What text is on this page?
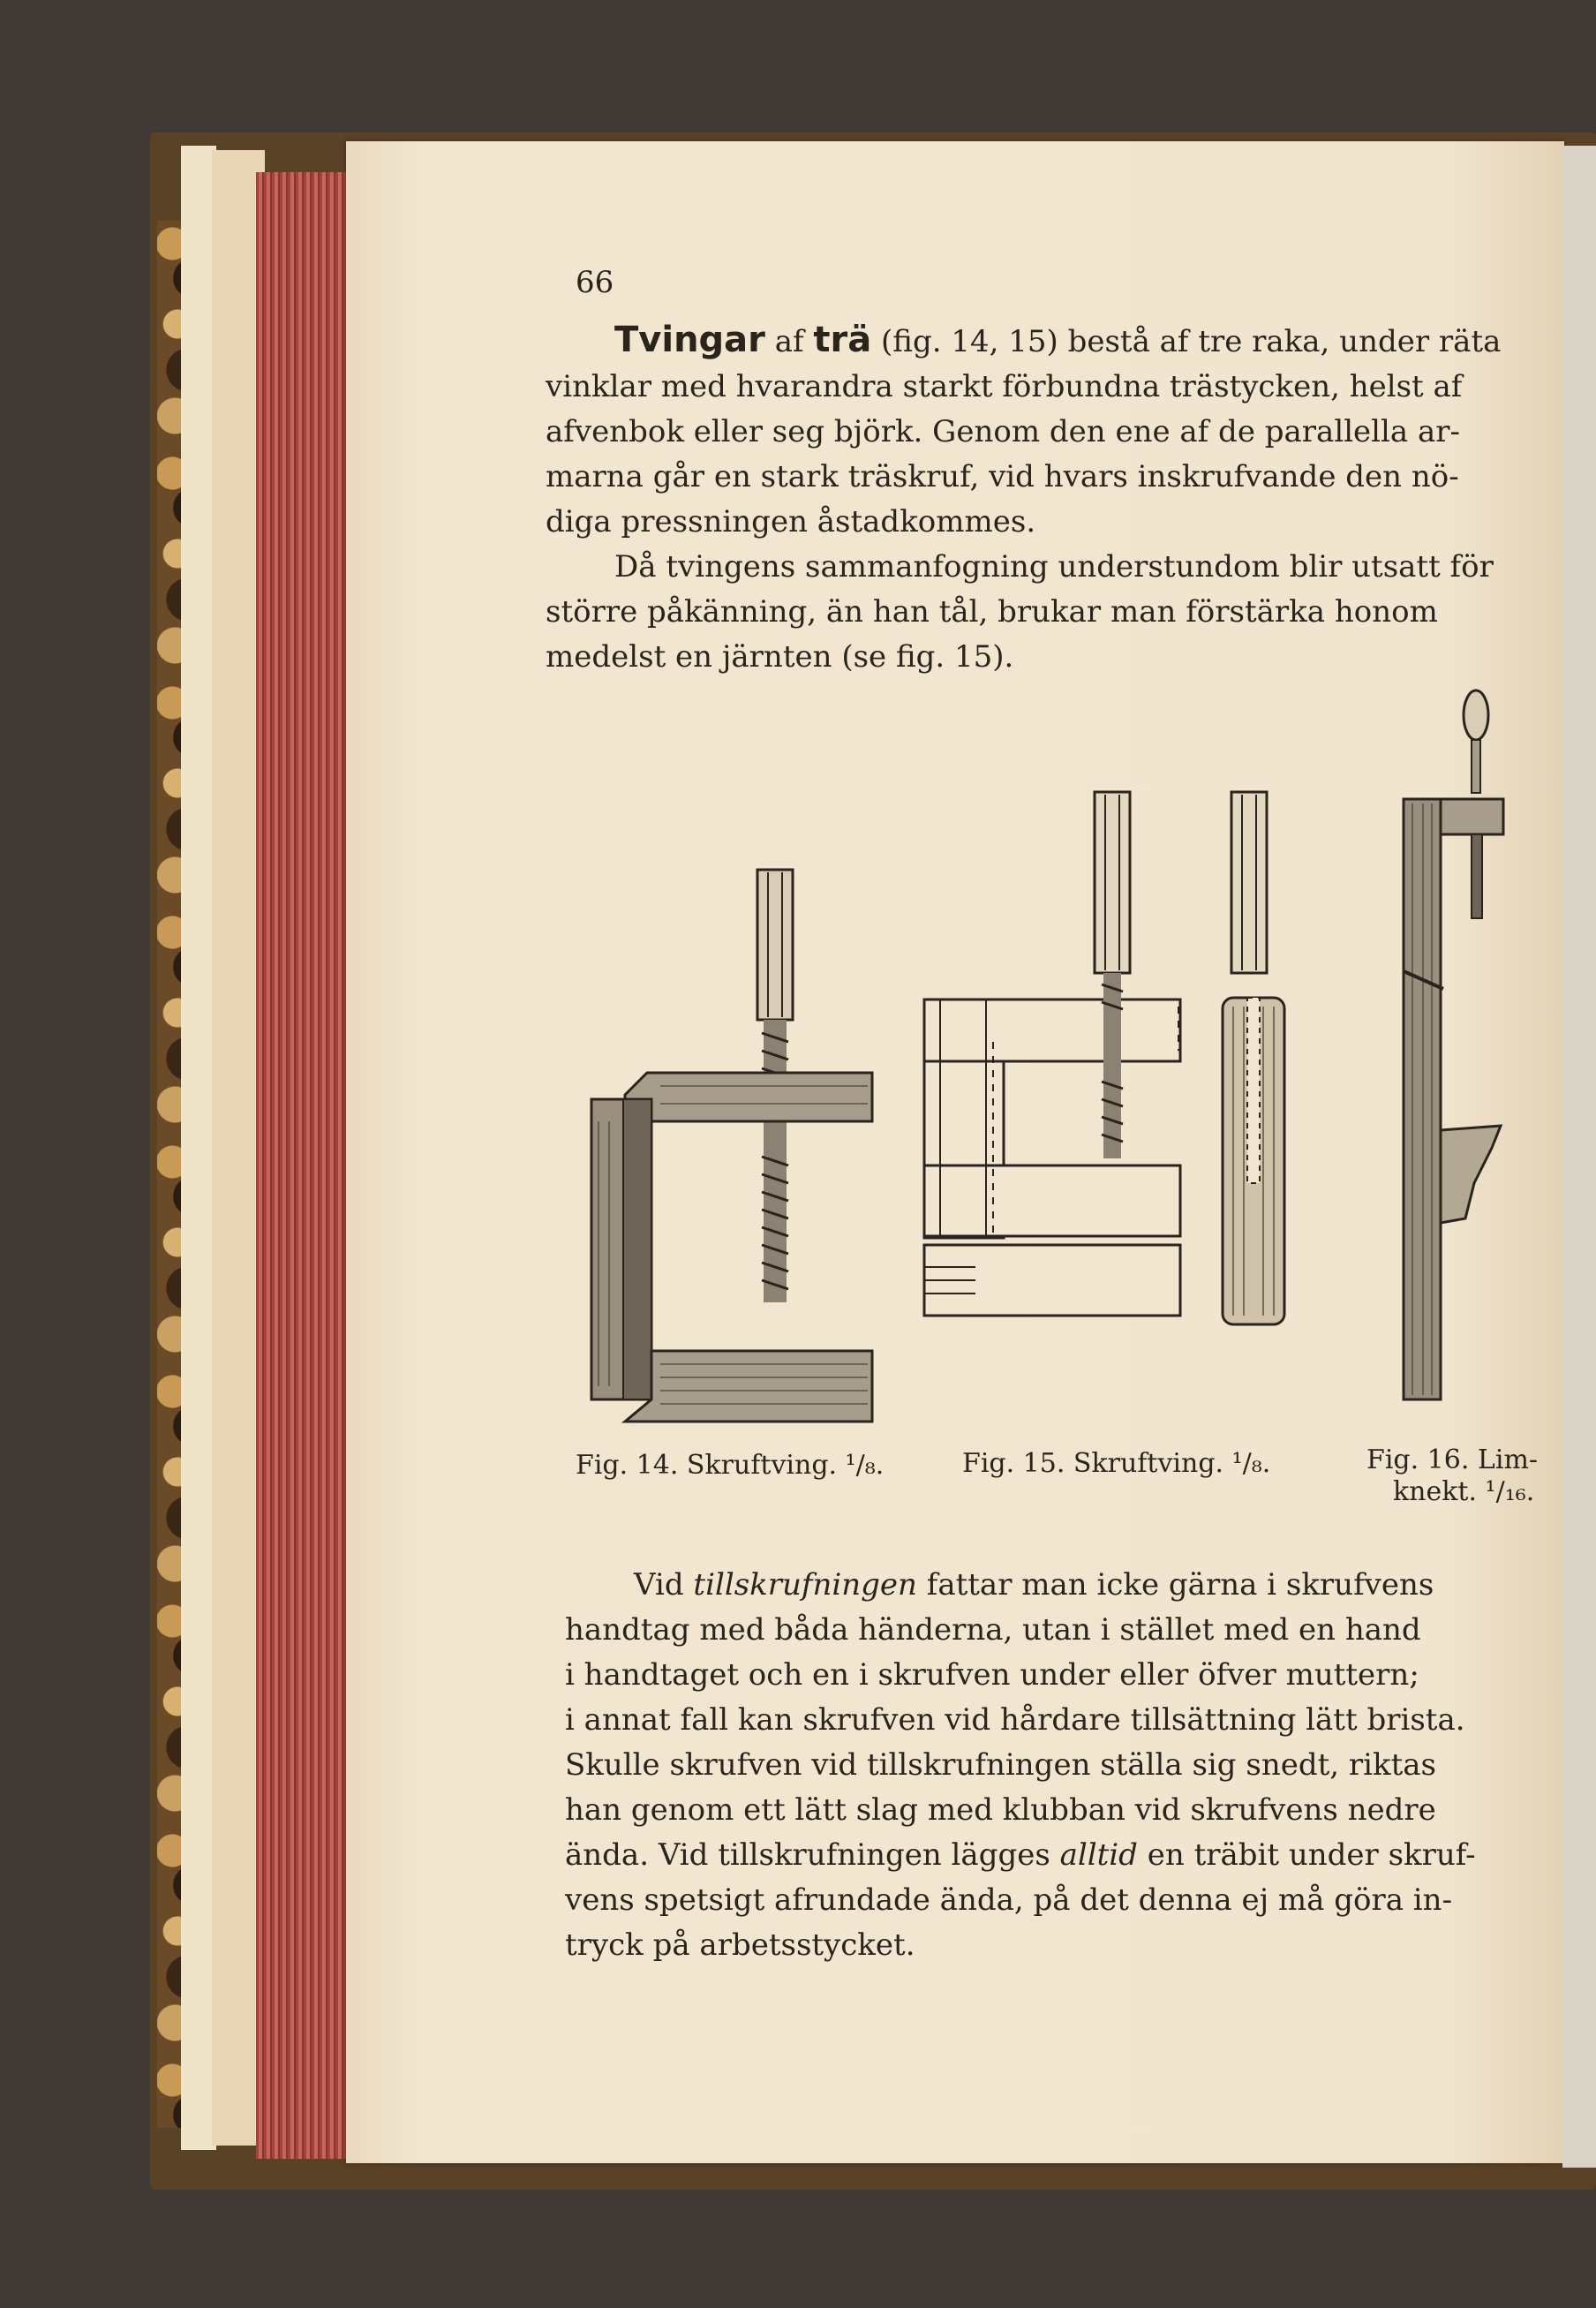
66
Tvingar af trä (fig. 14, 15) bestå af tre raka, under räta
vinklar med hvarandra starkt förbundna trästycken, helst af
afvenbok eller seg björk. Genom den ene af de parallella ar-
marna går en stark träskruf, vid hvars inskrufvande den nö-
diga pressningen åstadkommes.
Då tvingens sammanfogning understundom blir utsatt för
större påkänning, än han tål, brukar man förstärka honom
medelst en järnten (se fig. 15).
Fig. 14. Skruftving. ¹/₈.	Fig. 15. Skruftving. ¹/₈.	Fig. 16. Lim-
knekt. ¹/₁₆.
Vid tillskrufningen fattar man icke gärna i skrufvens
handtag med båda händerna, utan i stället med en hand
i handtaget och en i skrufven under eller öfver muttern;
i annat fall kan skrufven vid hårdare tillsättning lätt brista.
Skulle skrufven vid tillskrufningen ställa sig snedt, riktas
han genom ett lätt slag med klubban vid skrufvens nedre
ända. Vid tillskrufningen lägges alltid en träbit under skruf-
vens spetsigt afrundade ända, på det denna ej må göra in-
tryck på arbetsstycket.
